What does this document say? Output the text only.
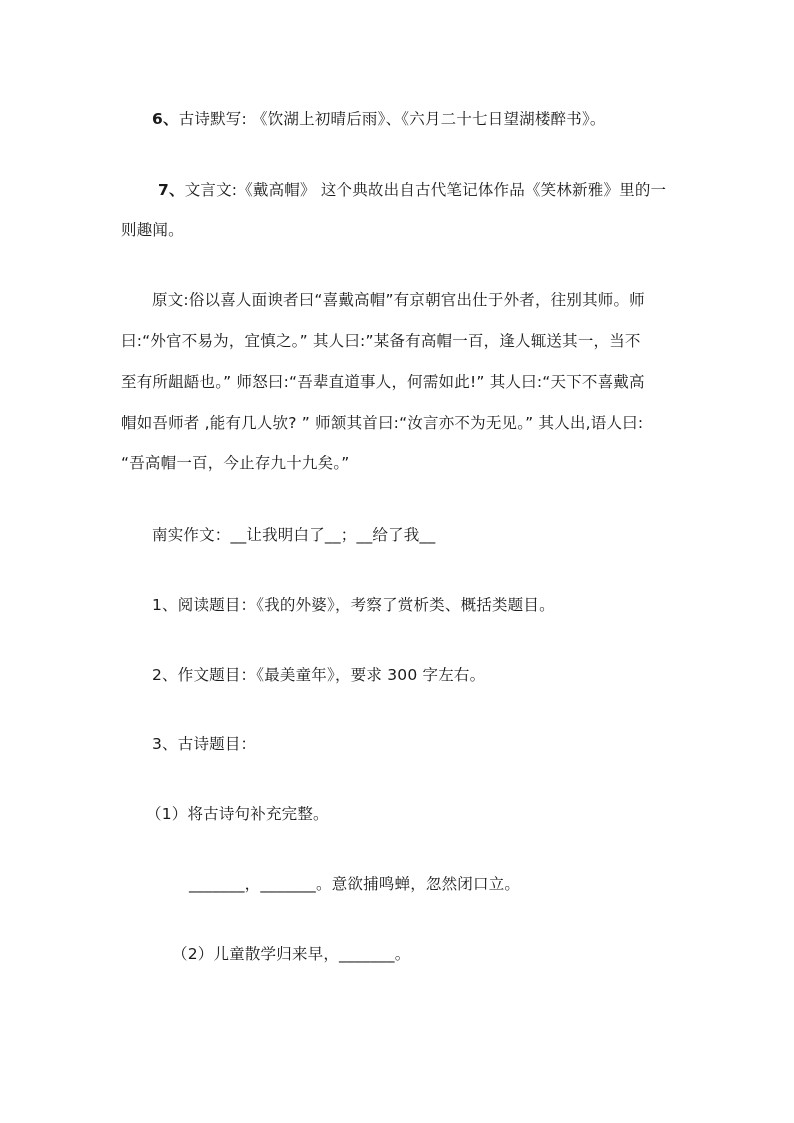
6、古诗默写: 《饮湖上初晴后雨》、《六月二十七日望湖楼醉书》。
7、文言文:《戴高帽》 这个典故出自古代笔记体作品《笑林新雅》里的一
则趣闻。
原文:俗以喜人面谀者曰“喜戴高帽”有京朝官出仕于外者，往别其师。师
曰:“外官不易为，宜慎之。” 其人曰:”某备有高帽一百，逢人辄送其一，当不
至有所龃龉也。” 师怒曰:“吾辈直道事人，何需如此!” 其人曰:“天下不喜戴高
帽如吾师者 ,能有几人欤? ” 师颔其首曰:“汝言亦不为无见。” 其人出,语人曰:
“吾高帽一百，今止存九十九矣。”
南实作文：__让我明白了__；__给了我__
1、阅读题目：《我的外婆》，考察了赏析类、概括类题目。
2、作文题目：《最美童年》，要求 300 字左右。
3、古诗题目：
（1）将古诗句补充完整。
_______，_______。意欲捕鸣蝉，忽然闭口立。
（2）儿童散学归来早，_______。
